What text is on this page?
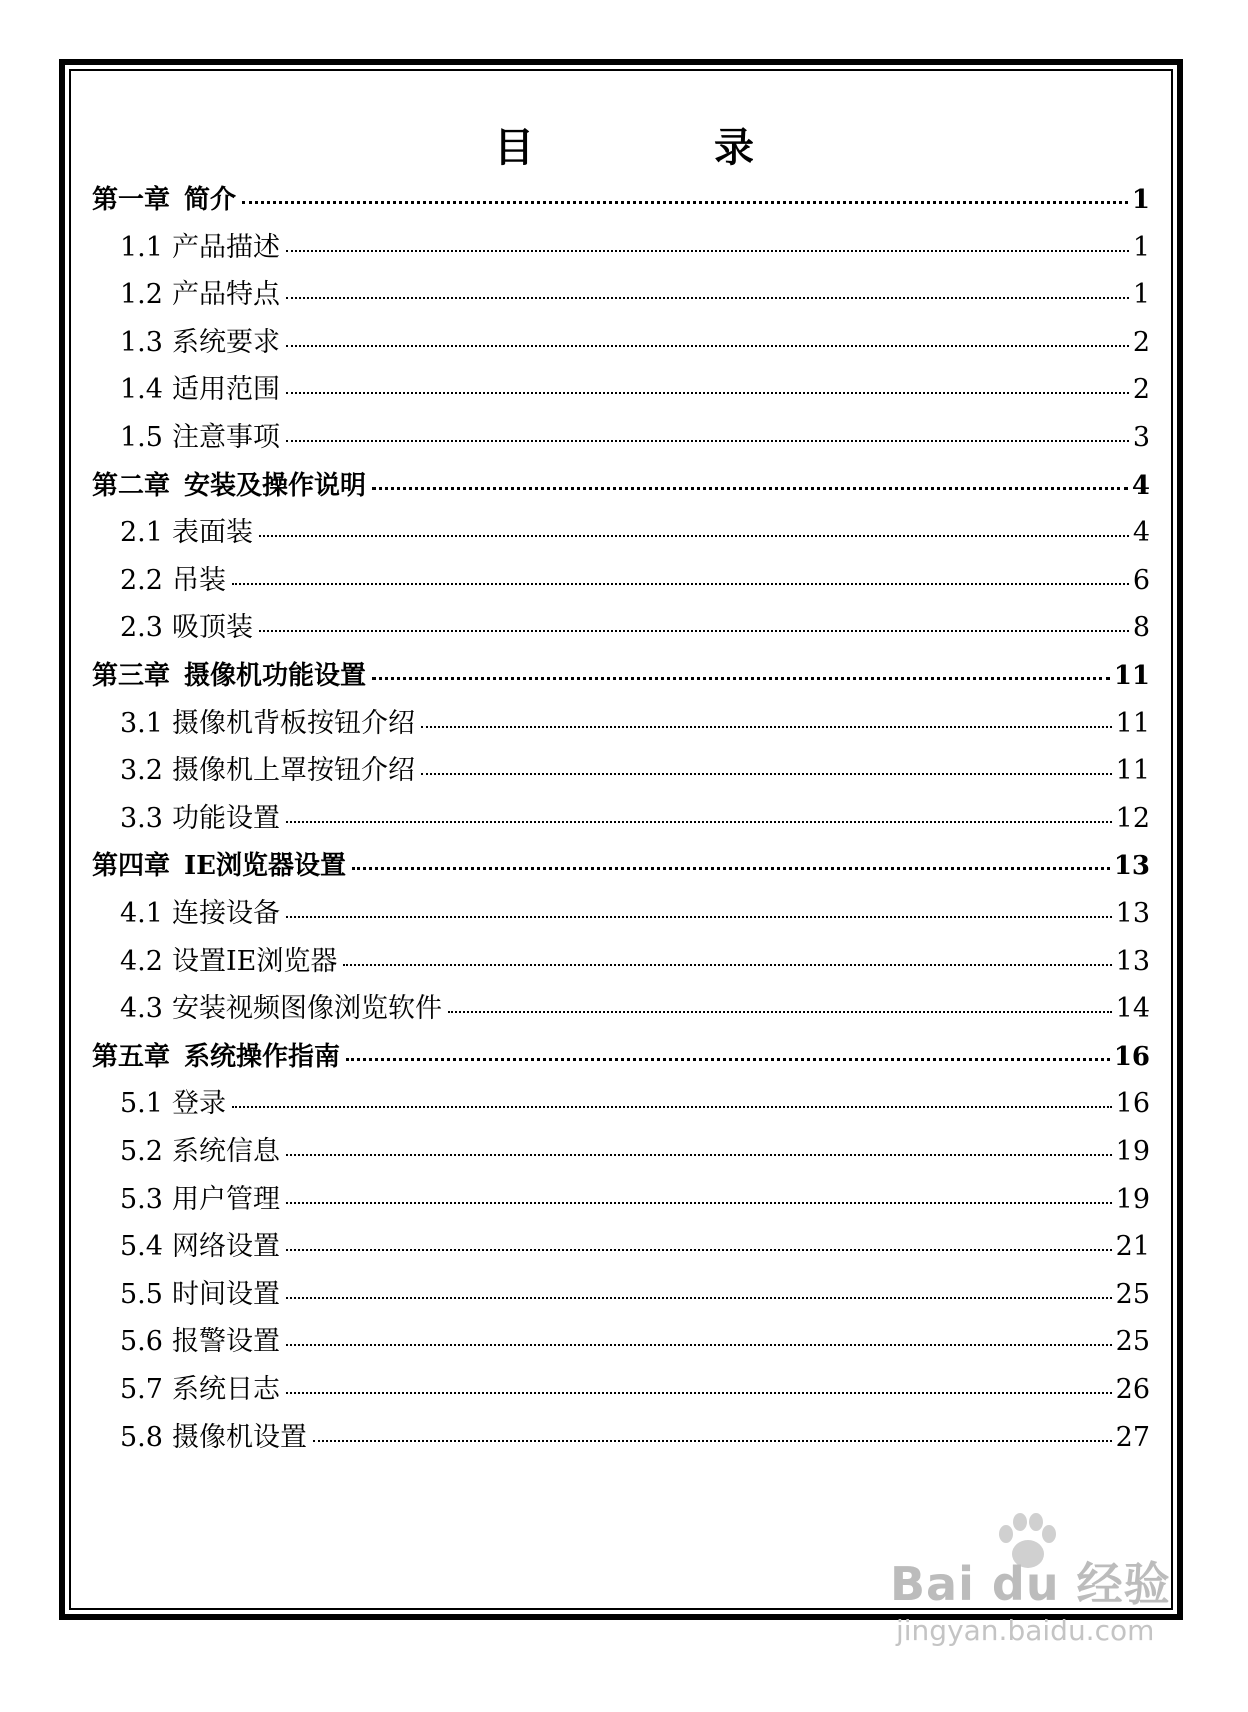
目　录
第一章 简介	1
1.1 产品描述	1
1.2 产品特点	1
1.3 系统要求	2
1.4 适用范围	2
1.5 注意事项	3
第二章 安装及操作说明	4
2.1 表面装	4
2.2 吊装	6
2.3 吸顶装	8
第三章 摄像机功能设置	11
3.1 摄像机背板按钮介绍	11
3.2 摄像机上罩按钮介绍	11
3.3 功能设置	12
第四章 IE浏览器设置	13
4.1 连接设备	13
4.2 设置IE浏览器	13
4.3 安装视频图像浏览软件	14
第五章 系统操作指南	16
5.1 登录	16
5.2 系统信息	19
5.3 用户管理	19
5.4 网络设置	21
5.5 时间设置	25
5.6 报警设置	25
5.7 系统日志	26
5.8 摄像机设置	27
Bai du 经验
jingyan.baidu.com
